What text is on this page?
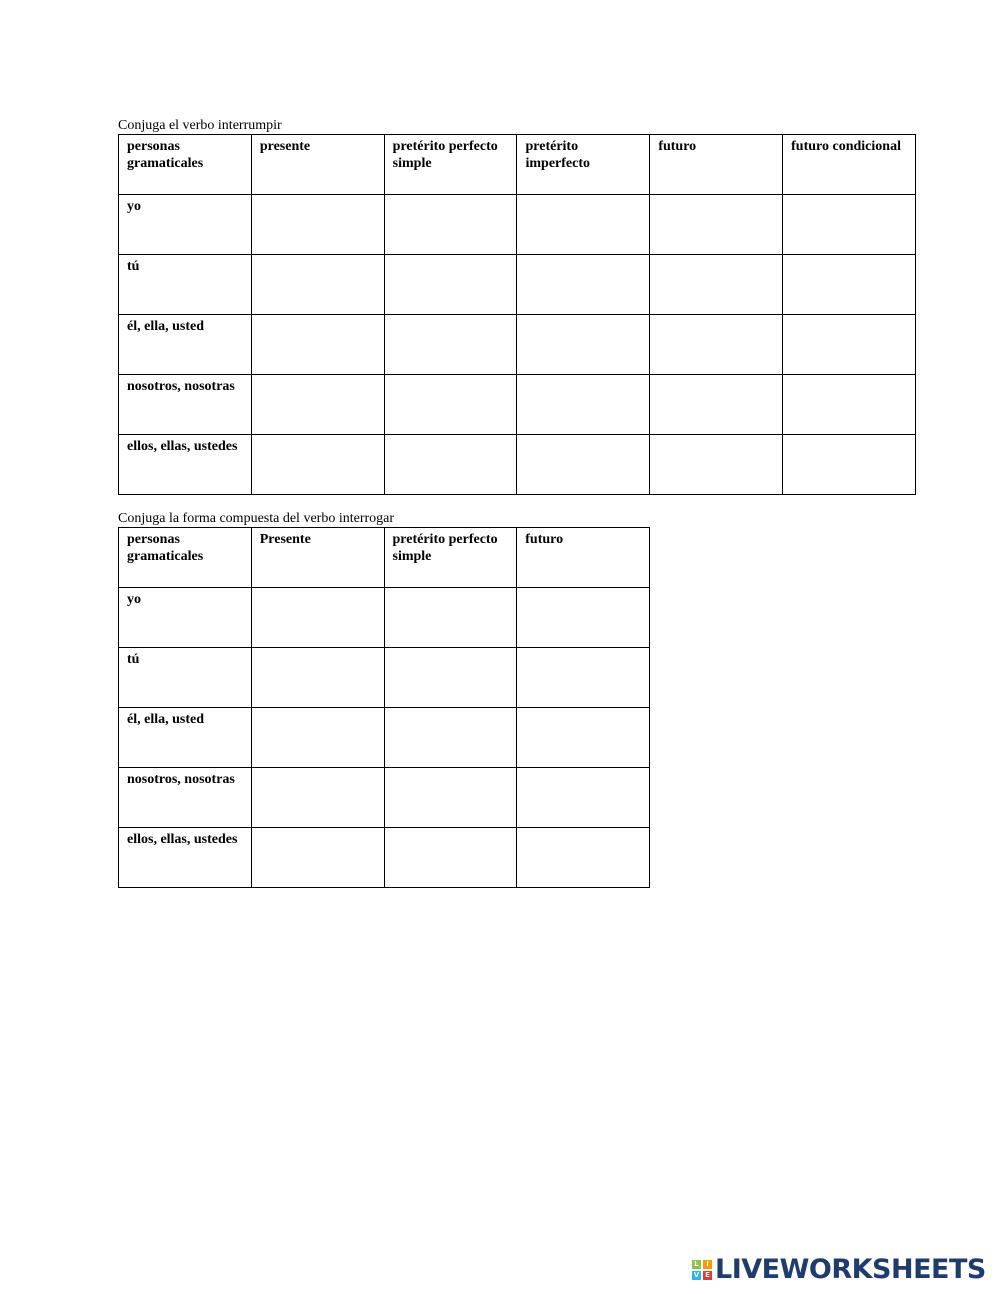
Conjuga el verbo interrumpir
personas gramaticales	presente	pretérito perfecto simple	pretérito imperfecto	futuro	futuro condicional
yo					
tú					
él, ella, usted					
nosotros, nosotras					
ellos, ellas, ustedes					
Conjuga la forma compuesta del verbo interrogar
personas gramaticales	Presente	pretérito perfecto simple	futuro
yo			
tú			
él, ella, usted			
nosotros, nosotras			
ellos, ellas, ustedes			
L	I
V E LIVEWORKSHEETS
